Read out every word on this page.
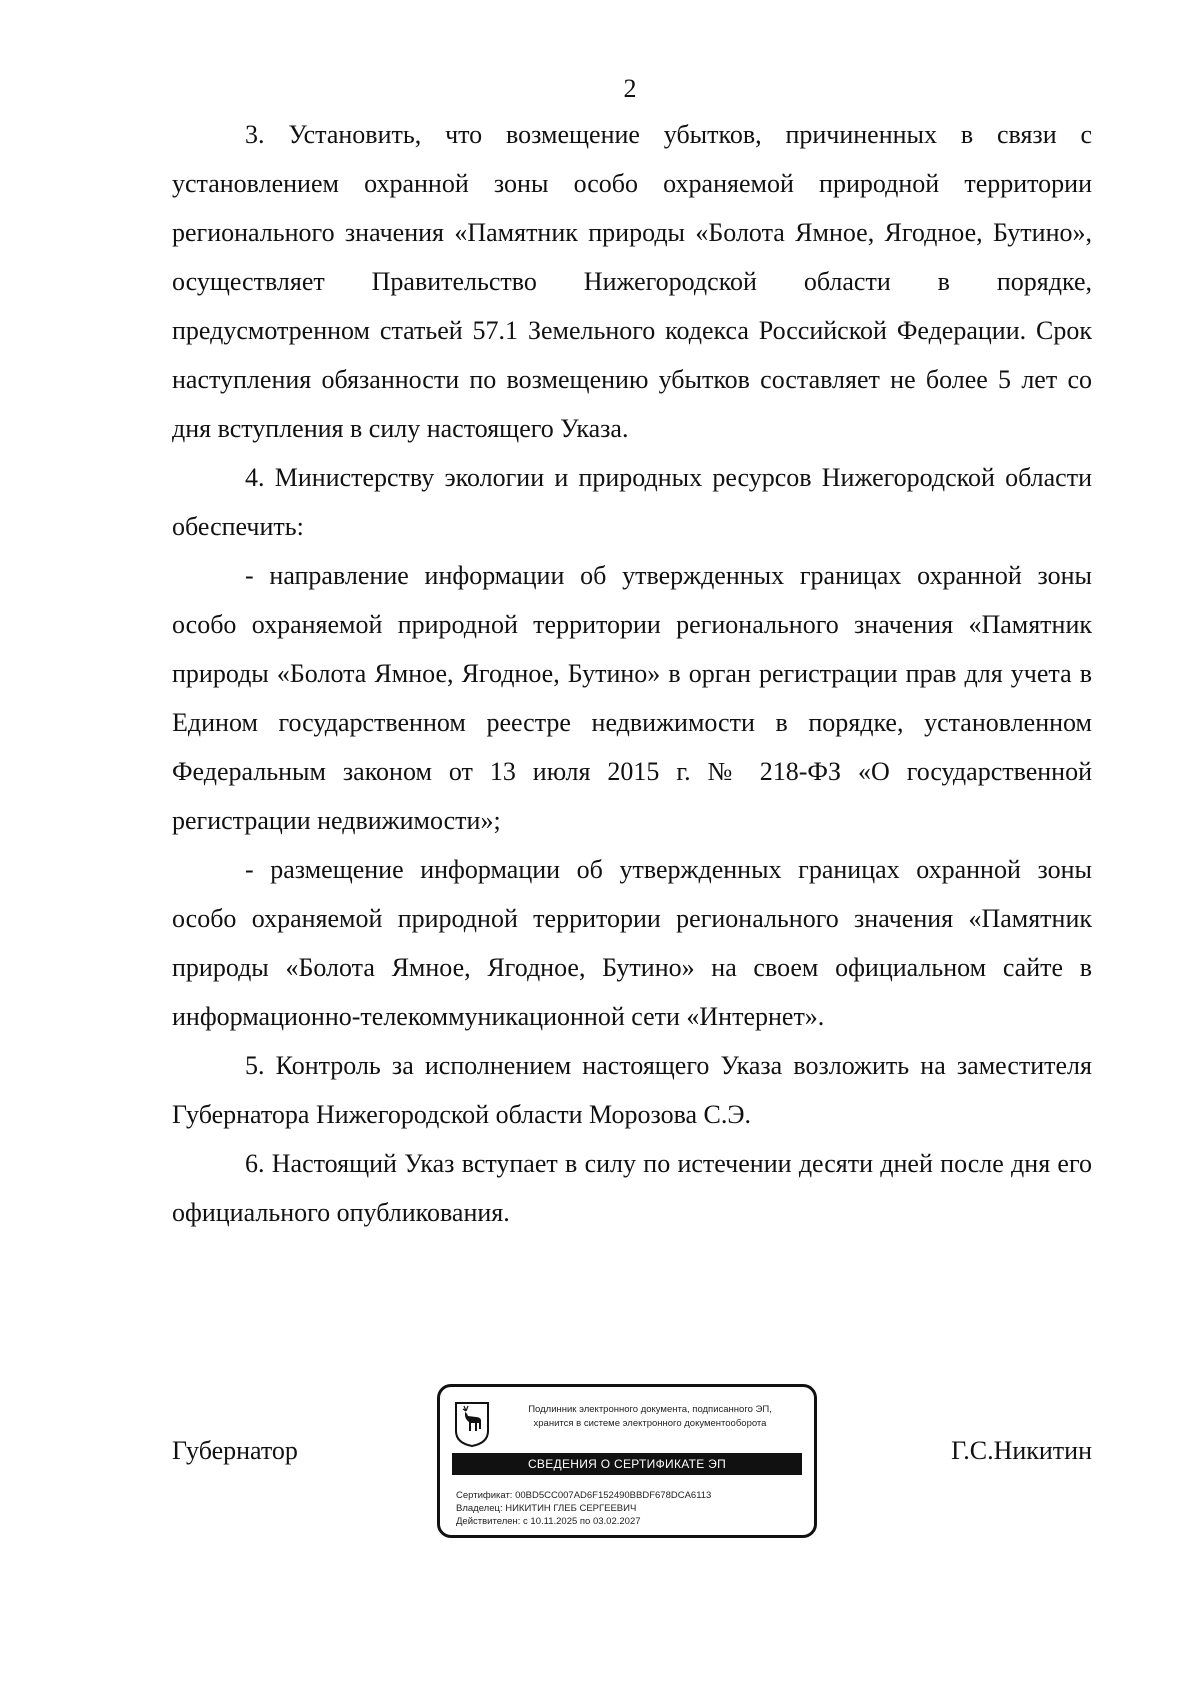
2

3. Установить, что возмещение убытков, причиненных в связи с установлением охранной зоны особо охраняемой природной территории регионального значения «Памятник природы «Болота Ямное, Ягодное, Бутино», осуществляет Правительство Нижегородской области в порядке, предусмотренном статьей 57.1 Земельного кодекса Российской Федерации. Срок наступления обязанности по возмещению убытков составляет не более 5 лет со дня вступления в силу настоящего Указа.

4. Министерству экологии и природных ресурсов Нижегородской области обеспечить:

- направление информации об утвержденных границах охранной зоны особо охраняемой природной территории регионального значения «Памятник природы «Болота Ямное, Ягодное, Бутино» в орган регистрации прав для учета в Едином государственном реестре недвижимости в порядке, установленном Федеральным законом от 13 июля 2015 г. № 218-ФЗ «О государственной регистрации недвижимости»;

- размещение информации об утвержденных границах охранной зоны особо охраняемой природной территории регионального значения «Памятник природы «Болота Ямное, Ягодное, Бутино» на своем официальном сайте в информационно-телекоммуникационной сети «Интернет».

5. Контроль за исполнением настоящего Указа возложить на заместителя Губернатора Нижегородской области Морозова С.Э.

6. Настоящий Указ вступает в силу по истечении десяти дней после дня его официального опубликования.

Губернатор
Подлинник электронного документа, подписанного ЭП,
хранится в системе электронного документооборота
СВЕДЕНИЯ О СЕРТИФИКАТЕ ЭП
Сертификат: 00BD5CC007AD6F152490BBDF678DCA6113
Владелец: НИКИТИН ГЛЕБ СЕРГЕЕВИЧ
Действителен: с 10.11.2025 по 03.02.2027
Г.С.Никитин
